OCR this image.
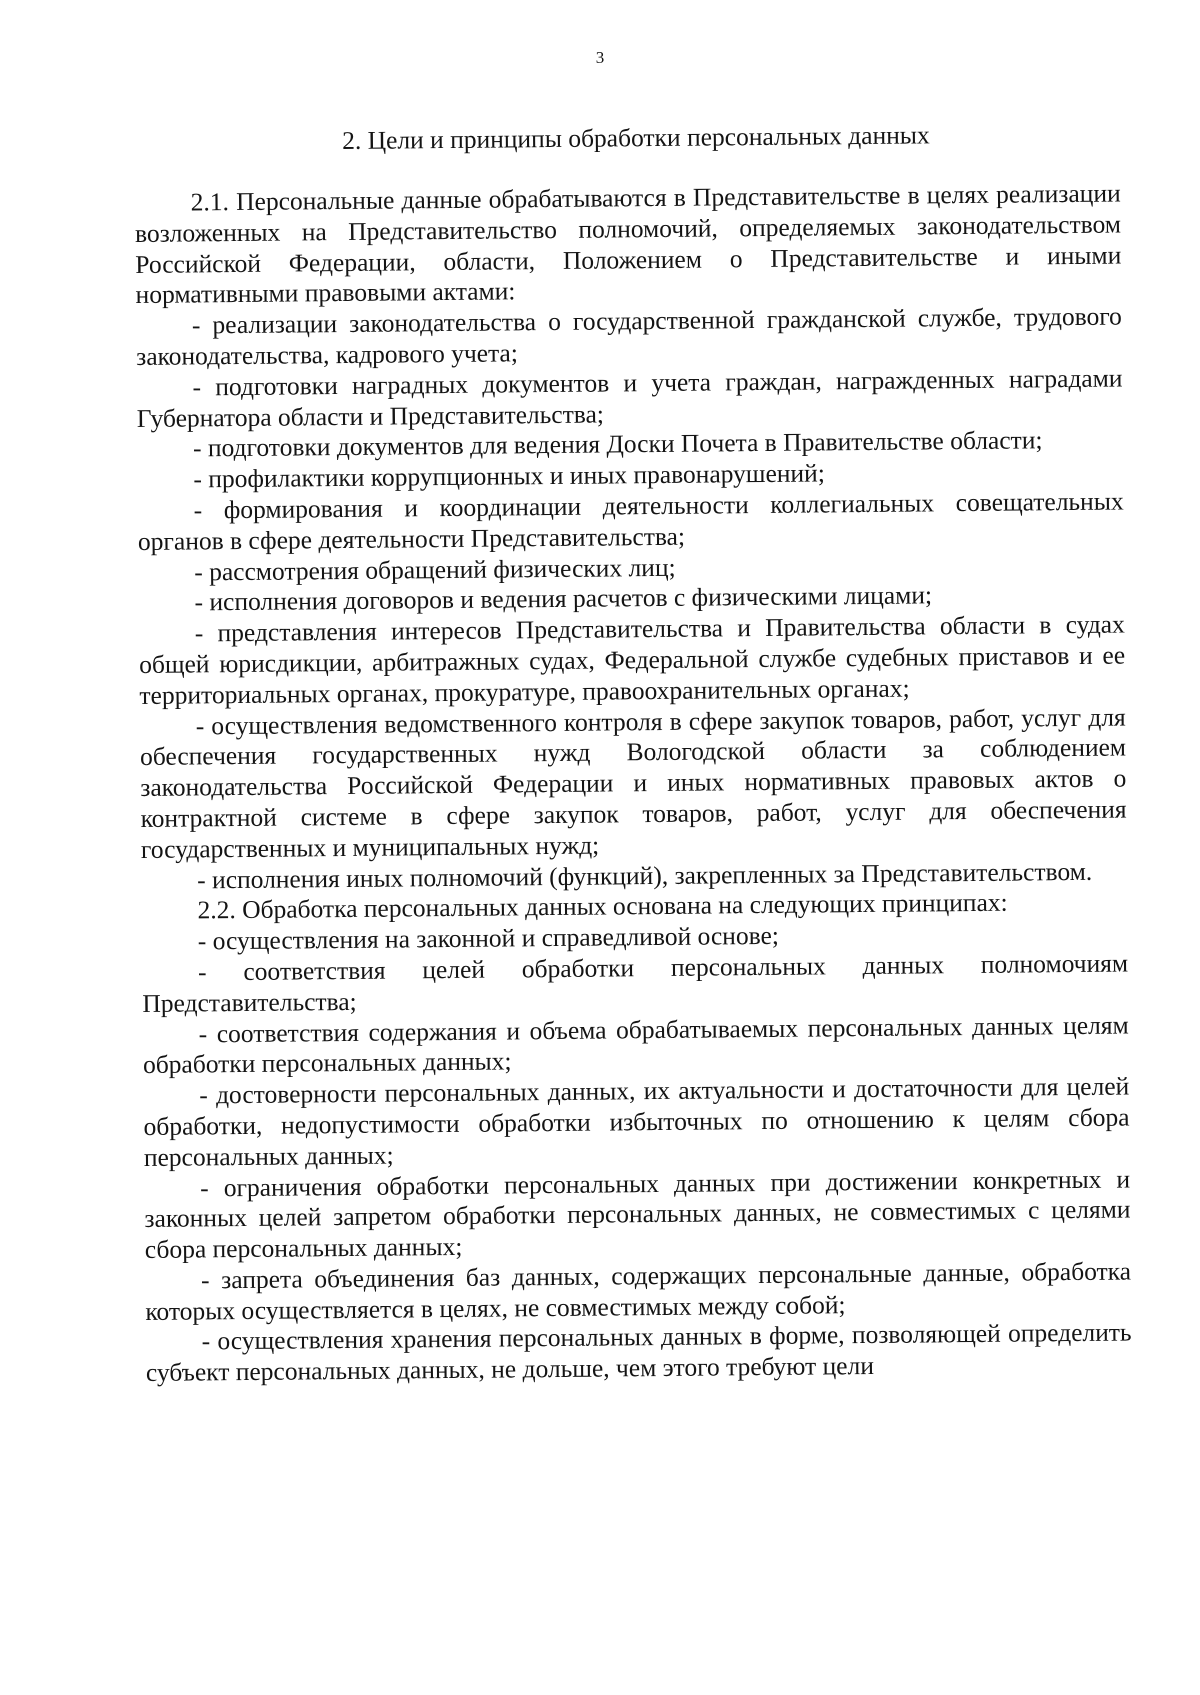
3

2. Цели и принципы обработки персональных данных

2.1. Персональные данные обрабатываются в Представительстве в целях реализации возложенных на Представительство полномочий, определяемых законодательством Российской Федерации, области, Положением о Представительстве и иными нормативными правовыми актами:

- реализации законодательства о государственной гражданской службе, трудового законодательства, кадрового учета;

- подготовки наградных документов и учета граждан, награжденных наградами Губернатора области и Представительства;

- подготовки документов для ведения Доски Почета в Правительстве области;

- профилактики коррупционных и иных правонарушений;

- формирования и координации деятельности коллегиальных совещательных органов в сфере деятельности Представительства;

- рассмотрения обращений физических лиц;

- исполнения договоров и ведения расчетов с физическими лицами;

- представления интересов Представительства и Правительства области в судах общей юрисдикции, арбитражных судах, Федеральной службе судебных приставов и ее территориальных органах, прокуратуре, правоохранительных органах;

- осуществления ведомственного контроля в сфере закупок товаров, работ, услуг для обеспечения государственных нужд Вологодской области за соблюдением законодательства Российской Федерации и иных нормативных правовых актов о контрактной системе в сфере закупок товаров, работ, услуг для обеспечения государственных и муниципальных нужд;

- исполнения иных полномочий (функций), закрепленных за Представительством.

2.2. Обработка персональных данных основана на следующих принципах:

- осуществления на законной и справедливой основе;

- соответствия целей обработки персональных данных полномочиям Представительства;

- соответствия содержания и объема обрабатываемых персональных данных целям обработки персональных данных;

- достоверности персональных данных, их актуальности и достаточности для целей обработки, недопустимости обработки избыточных по отношению к целям сбора персональных данных;

- ограничения обработки персональных данных при достижении конкретных и законных целей запретом обработки персональных данных, не совместимых с целями сбора персональных данных;

- запрета объединения баз данных, содержащих персональные данные, обработка которых осуществляется в целях, не совместимых между собой;

- осуществления хранения персональных данных в форме, позволяющей определить субъект персональных данных, не дольше, чем этого требуют цели
